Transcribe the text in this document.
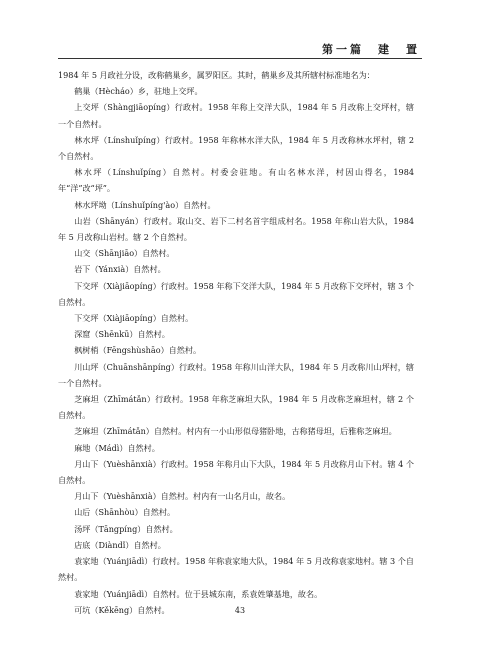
第一篇　建　置

1984 年 5 月政社分设，改称鹤巢乡，属罗阳区。其时，鹤巢乡及其所辖村标准地名为：

鹤巢（Hècháo）乡，驻地上交坪。

上交坪（Shàngjiāopíng）行政村。1958 年称上交洋大队，1984 年 5 月改称上交坪村，辖一个自然村。

林水坪（Línshuǐpíng）行政村。1958 年称林水洋大队，1984 年 5 月改称林水坪村，辖 2 个自然村。

林水坪（Línshuǐpíng）自然村。村委会驻地。有山名林水洋，村因山得名，1984 年“洋”改“坪”。

林水坪坳（Línshuǐpíng'ào）自然村。

山岩（Shānyán）行政村。取山交、岩下二村名首字组成村名。1958 年称山岩大队，1984 年 5 月改称山岩村。辖 2 个自然村。

山交（Shānjiāo）自然村。

岩下（Yánxià）自然村。

下交坪（Xiàjiāopíng）行政村。1958 年称下交洋大队，1984 年 5 月改称下交坪村，辖 3 个自然村。

下交坪（Xiàjiāopíng）自然村。

深窟（Shēnkū）自然村。

枫树梢（Fēngshùshāo）自然村。

川山坪（Chuānshānpíng）行政村。1958 年称川山洋大队，1984 年 5 月改称川山坪村，辖一个自然村。

芝麻坦（Zhīmátǎn）行政村。1958 年称芝麻坦大队，1984 年 5 月改称芝麻坦村，辖 2 个自然村。

芝麻坦（Zhīmátǎn）自然村。村内有一小山形似母猪卧地，古称猪母坦，后雅称芝麻坦。

麻地（Mádì）自然村。

月山下（Yuèshānxià）行政村。1958 年称月山下大队，1984 年 5 月改称月山下村。辖 4 个自然村。

月山下（Yuèshānxià）自然村。村内有一山名月山，故名。

山后（Shānhòu）自然村。

汤坪（Tāngpíng）自然村。

店底（Diàndǐ）自然村。

袁家地（Yuánjiādì）行政村。1958 年称袁家地大队，1984 年 5 月改称袁家地村。辖 3 个自然村。

袁家地（Yuánjiādì）自然村。位于县城东南，系袁姓肇基地，故名。

可坑（Kěkēng）自然村。	43
